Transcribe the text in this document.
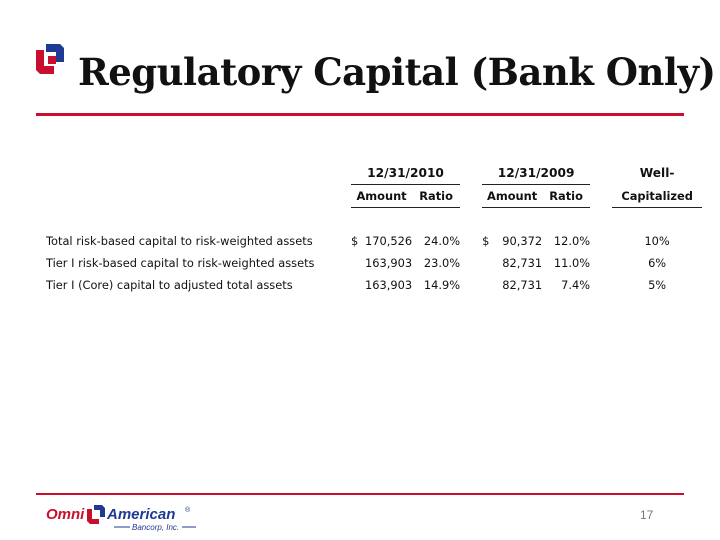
Regulatory Capital (Bank Only)
	12/31/2010				12/31/2009				Well-
	Amount		Ratio		Amount		Ratio		Capitalized

Total risk-based capital to risk-weighted assets	$	170,526	24.0%		$	90,372	12.0%		10%
Tier I risk-based capital to risk-weighted assets		163,903	23.0%			82,731	11.0%		6%
Tier I (Core) capital to adjusted total assets		163,903	14.9%			82,731	7.4%		5%
Omni American ®
Bancorp, Inc.
17
